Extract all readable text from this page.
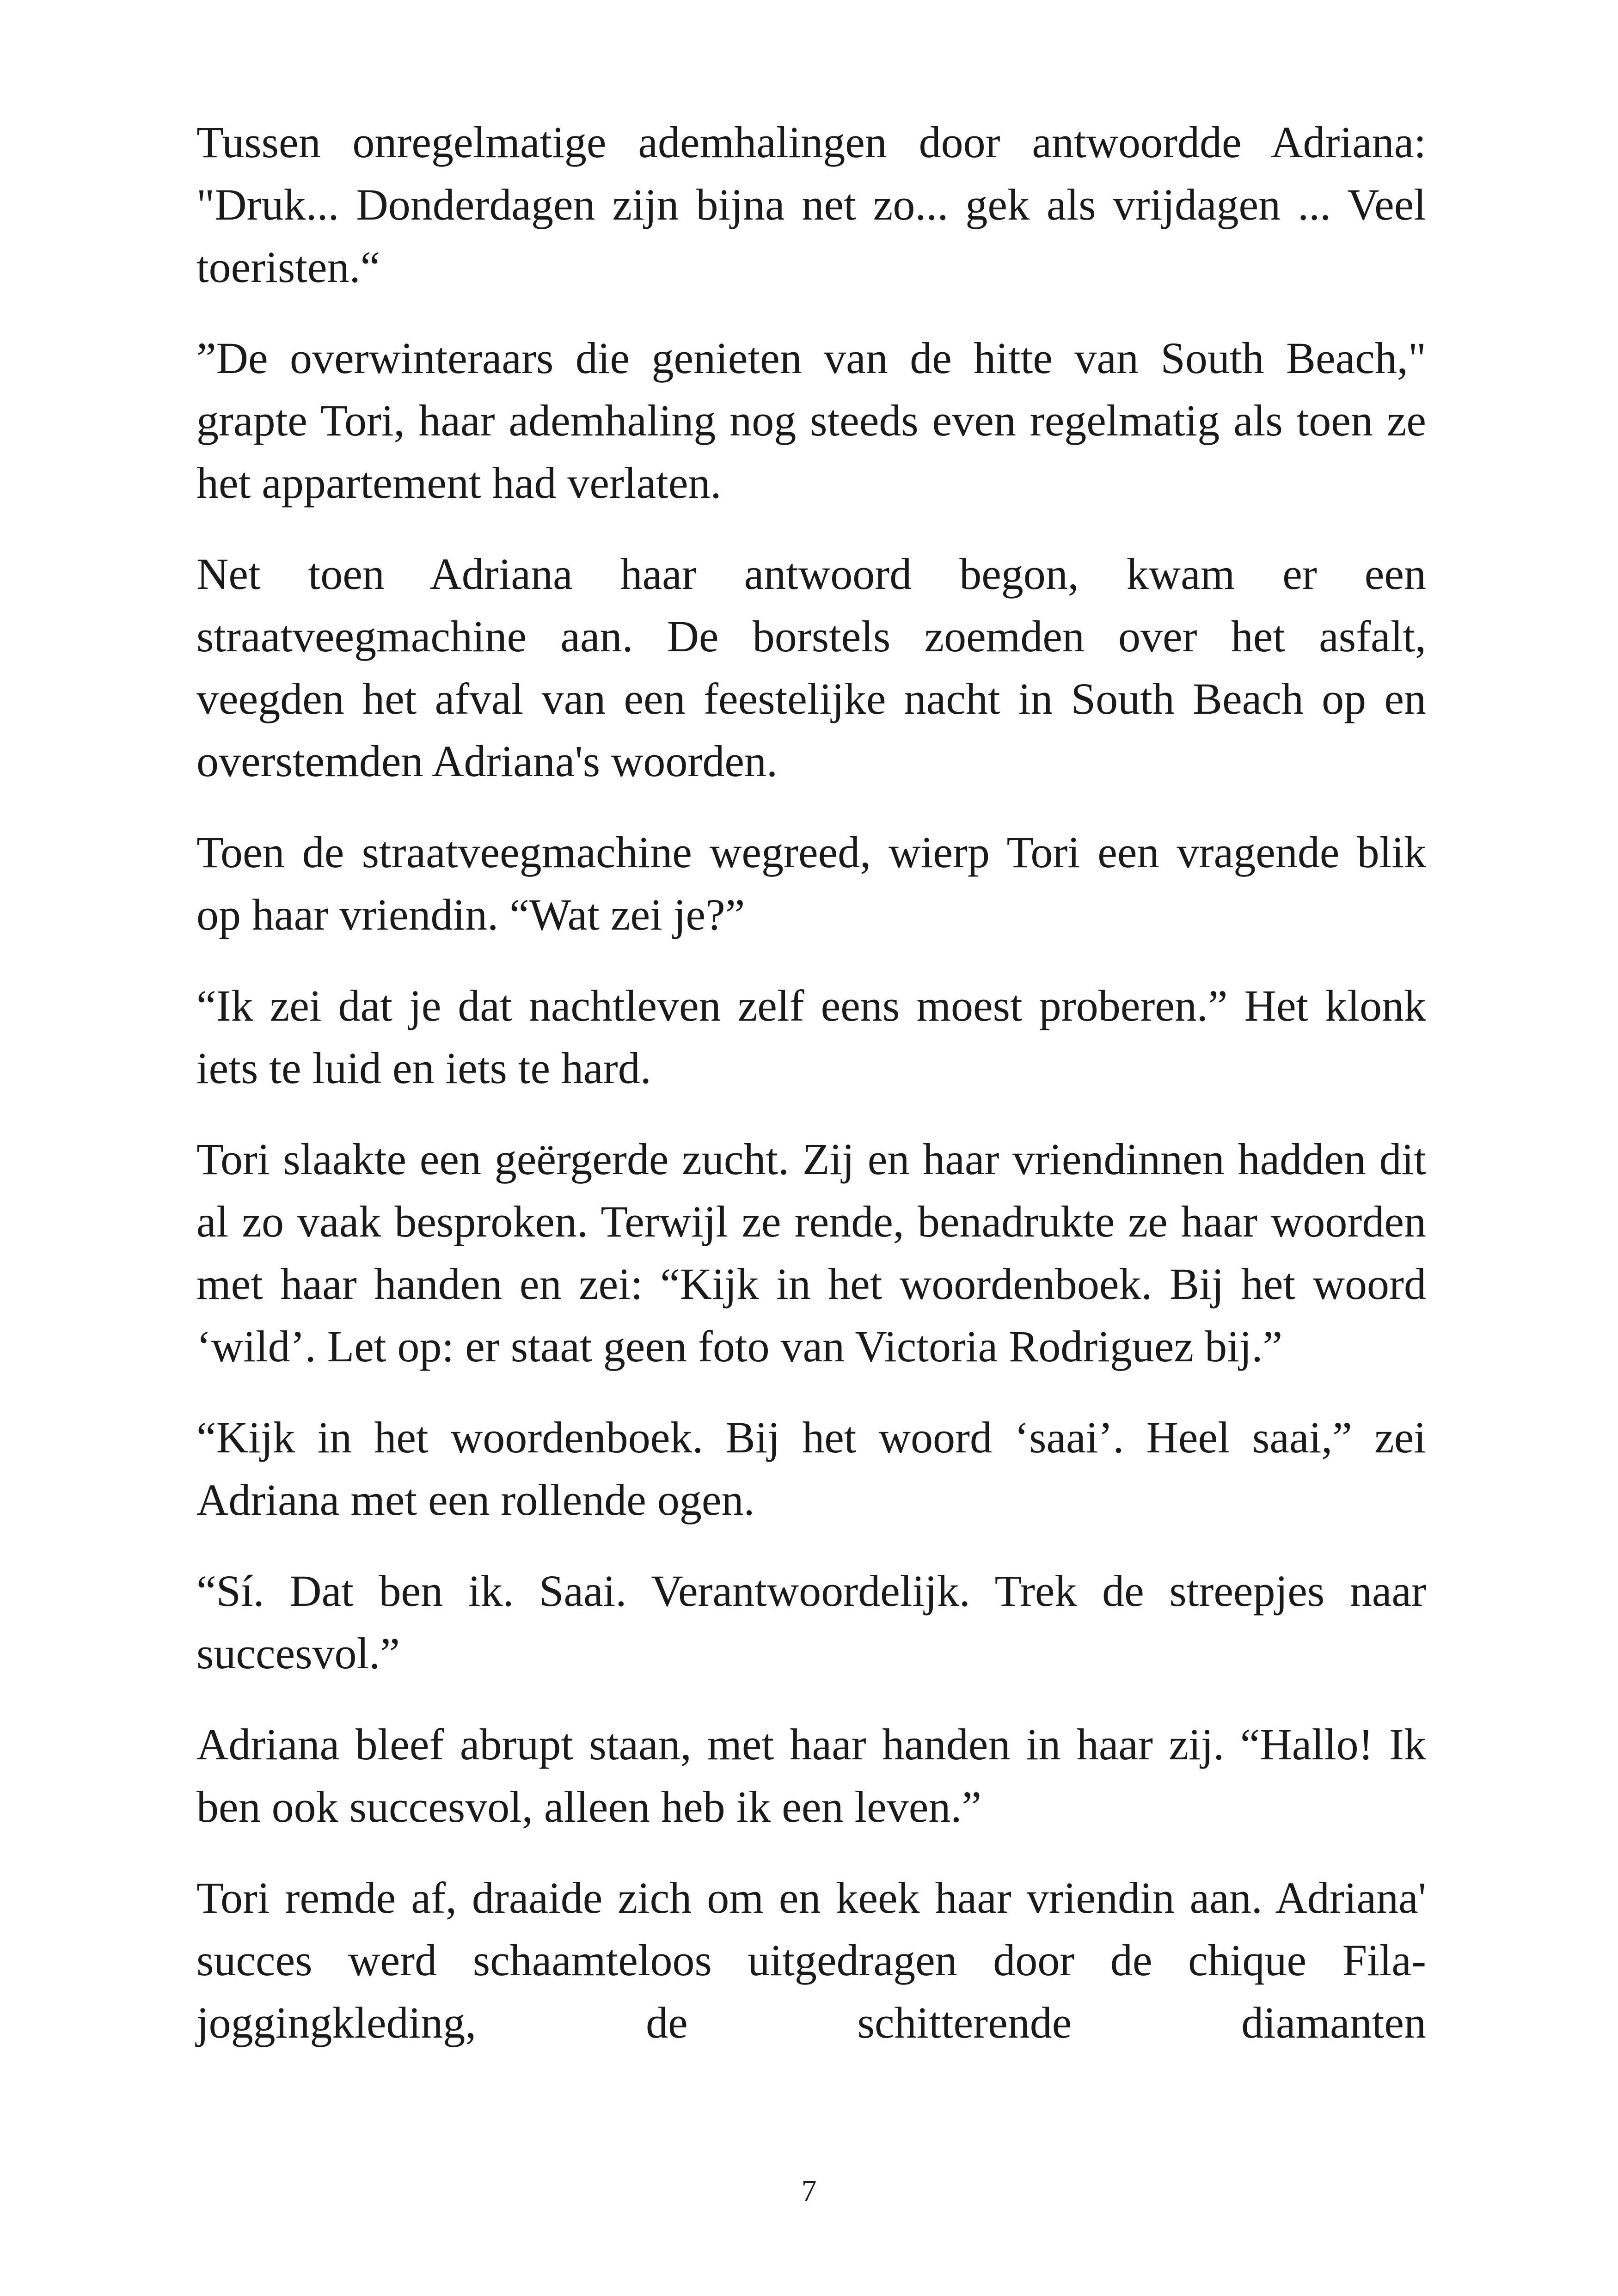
Tussen onregelmatige ademhalingen door antwoordde Adriana: "Druk... Donderdagen zijn bijna net zo... gek als vrijdagen ... Veel toeristen.“

”De overwinteraars die genieten van de hitte van South Beach," grapte Tori, haar ademhaling nog steeds even regelmatig als toen ze het appartement had verlaten.

Net toen Adriana haar antwoord begon, kwam er een straatveegmachine aan. De borstels zoemden over het asfalt, veegden het afval van een feestelijke nacht in South Beach op en overstemden Adriana's woorden.

Toen de straatveegmachine wegreed, wierp Tori een vragende blik op haar vriendin. “Wat zei je?”

“Ik zei dat je dat nachtleven zelf eens moest proberen.” Het klonk iets te luid en iets te hard.

Tori slaakte een geërgerde zucht. Zij en haar vriendinnen hadden dit al zo vaak besproken. Terwijl ze rende, benadrukte ze haar woorden met haar handen en zei: “Kijk in het woordenboek. Bij het woord ‘wild’. Let op: er staat geen foto van Victoria Rodriguez bij.”

“Kijk in het woordenboek. Bij het woord ‘saai’. Heel saai,” zei Adriana met een rollende ogen.

“Sí. Dat ben ik. Saai. Verantwoordelijk. Trek de streepjes naar succesvol.”

Adriana bleef abrupt staan, met haar handen in haar zij. “Hallo! Ik ben ook succesvol, alleen heb ik een leven.”

Tori remde af, draaide zich om en keek haar vriendin aan. Adriana' succes werd schaamteloos uitgedragen door de chique Fila-joggingkleding, de schitterende diamanten

7
